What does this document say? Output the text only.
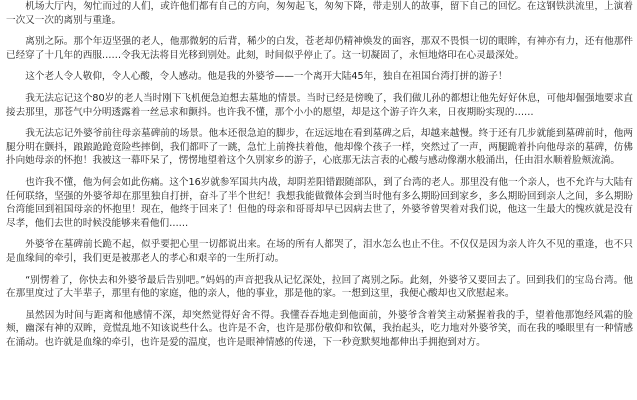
机场大厅内，匆忙而过的人们，或许他们都有自己的方向，匆匆起飞，匆匆下降，带走别人的故事，留下自己的回忆。在这钢铁洪流里，上演着一次又一次的离别与重逢。

离别之际。那个年迈坚强的老人，他那微躬的后背，稀少的白发，苍老却仍精神焕发的面容，那双不畏惧一切的眼眸，有神亦有力，还有他那件已经穿了十几年的西服……令我无法将目光移到别处。此刻，时间似乎停止了。这一切凝固了，永恒地烙印在心灵最深处。

这个老人令人敬仰，令人心酸，令人感动。他是我的外婆爷——一个离开大陆45年，独自在祖国台湾打拼的游子！

我无法忘记这个80岁的老人当时刚下飞机便急迫想去墓地的情景。当时已经是傍晚了，我们做儿孙的都想让他先好好休息，可他却倔强地要求直接去那里，那苍气中分明透露着一丝忌求和颤抖。也许我不懂，那个小小的愿望，却是这个游子许久来，日夜期盼实现的……

我无法忘记外婆爷前往母亲墓碑前的场景。他本还很急迫的脚步，在远远地在看到墓碑之后，却越来越慢。终于还有几步就能到墓碑前时，他两腿分明在颤抖，踉踉跄跄竟险些摔倒，我们都吓了一跳，急忙上前搀扶着他，他却像个孩子一样，突然过了一声，两腿跪着扑向他母亲的墓碑，仿佛扑向她母亲的怀抱！我被这一幕吓呆了，愣愣地望着这个久别家乡的游子，心底那无法言表的心酸与感动像潮水般涌出，任由泪水顺着脸颊流淌。

也许我不懂，他为何会如此伤痛。这个16岁就参军国共内战，却阴差阳错跟随部队，到了台湾的老人。那里没有他一个亲人，也不允许与大陆有任何联络，坚强的外婆爷却在那里独自打拼，奋斗了半个世纪！我想我能做微体会到当时他有多么期盼回到家乡，多么期盼回到亲人之间，多么期盼台湾能回到祖国母亲的怀抱里！现在，他终于回来了！但他的母亲和哥哥却早已因病去世了，外婆爷曾哭着对我们说，他这一生最大的愧疚就是没有尽孝，他们去世的时候没能够来看他们……

外婆爷在墓碑前长跪不起，似乎要把心里一切都说出来。在场的所有人都哭了，泪水怎么也止不住。不仅仅是因为亲人许久不见的重逢，也不只是血缘间的牵引，我们更是被那老人的孝心和艰辛的一生所打动。

“别愣着了，你快去和外婆爷最后告别吧。”妈妈的声音把我从记忆深处，拉回了离别之际。此刻，外婆爷又要回去了。回到我们的宝岛台湾。他在那里度过了大半辈子，那里有他的家庭，他的亲人，他的事业，那是他的家。一想到这里，我便心酸却也又欣慰起来。

虽然因为时间与距离和他感情不深，却突然觉得好舍不得。我懂吞吞地走到他面前，外婆爷含着笑主动紧握着我的手，望着他那饱经风霜的脸颊，幽深有神的双眸，竟慌乱地不知该说些什么。也许是不舍，也许是那份敬仰和钦佩，我抬起头，吃力地对外婆爷笑，而在我的嗓眼里有一种情感在涌动。也许就是血缘的牵引，也许是爱的温度，也许是眼神情感的传递，下一秒竟默契地都伸出手拥抱到对方。
